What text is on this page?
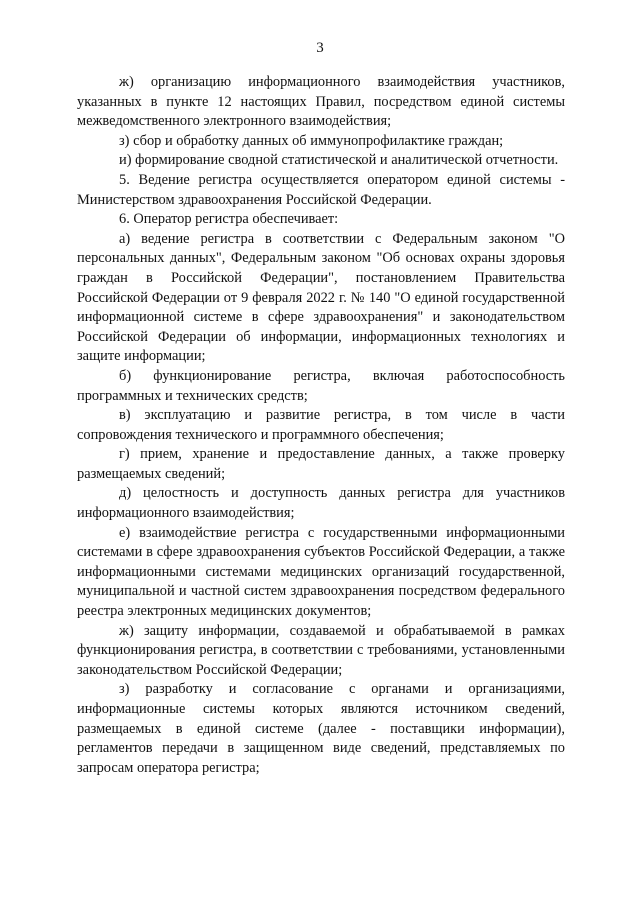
3

ж) организацию информационного взаимодействия участников, указанных в пункте 12 настоящих Правил, посредством единой системы межведомственного электронного взаимодействия;

з) сбор и обработку данных об иммунопрофилактике граждан;

и) формирование сводной статистической и аналитической отчетности.

5. Ведение регистра осуществляется оператором единой системы - Министерством здравоохранения Российской Федерации.

6. Оператор регистра обеспечивает:

а) ведение регистра в соответствии с Федеральным законом "О персональных данных", Федеральным законом "Об основах охраны здоровья граждан в Российской Федерации", постановлением Правительства Российской Федерации от 9 февраля 2022 г. № 140 "О единой государственной информационной системе в сфере здравоохранения" и законодательством Российской Федерации об информации, информационных технологиях и защите информации;

б) функционирование регистра, включая работоспособность программных и технических средств;

в) эксплуатацию и развитие регистра, в том числе в части сопровождения технического и программного обеспечения;

г) прием, хранение и предоставление данных, а также проверку размещаемых сведений;

д) целостность и доступность данных регистра для участников информационного взаимодействия;

е) взаимодействие регистра с государственными информационными системами в сфере здравоохранения субъектов Российской Федерации, а также информационными системами медицинских организаций государственной, муниципальной и частной систем здравоохранения посредством федерального реестра электронных медицинских документов;

ж) защиту информации, создаваемой и обрабатываемой в рамках функционирования регистра, в соответствии с требованиями, установленными законодательством Российской Федерации;

з) разработку и согласование с органами и организациями, информационные системы которых являются источником сведений, размещаемых в единой системе (далее - поставщики информации), регламентов передачи в защищенном виде сведений, представляемых по запросам оператора регистра;
